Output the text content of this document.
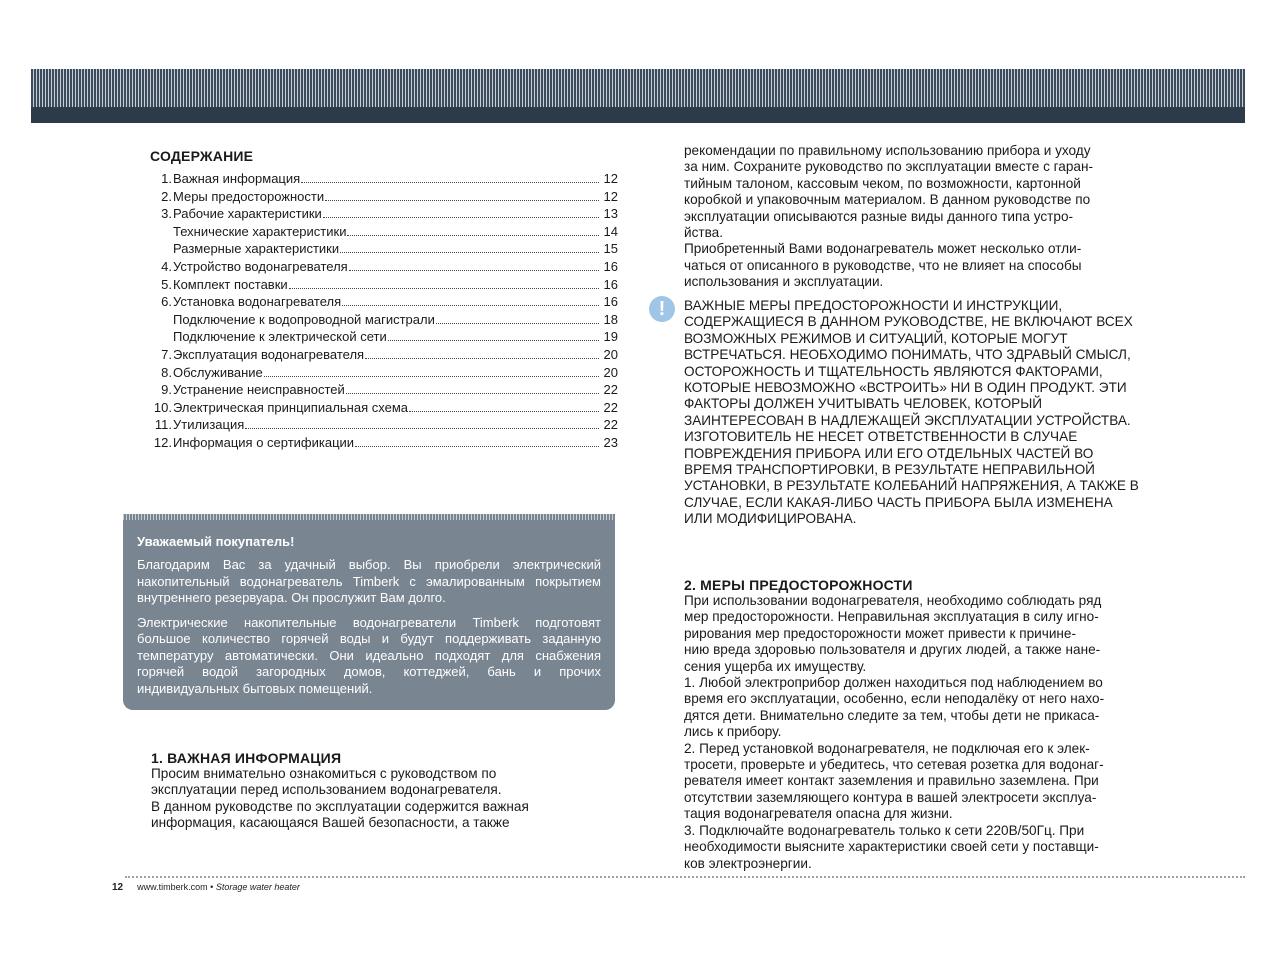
СОДЕРЖАНИЕ
1. Важная информация	12
2. Меры предосторожности	12
3. Рабочие характеристики	13
Технические характеристики	14
Размерные характеристики	15
4. Устройство водонагревателя	16
5. Комплект поставки	16
6. Установка водонагревателя	16
Подключение к водопроводной магистрали	18
Подключение к электрической сети	19
7. Эксплуатация водонагревателя	20
8. Обслуживание	20
9. Устранение неисправностей	22
10. Электрическая принципиальная схема	22
11. Утилизация	22
12. Информация о сертификации	23
Уважаемый покупатель!

Благодарим Вас за удачный выбор. Вы приобрели электрический накопительный водонагреватель Timberk с эмалированным покрытием внутреннего резервуара. Он прослужит Вам долго.

Электрические накопительные водонагреватели Timberk подготовят большое количество горячей воды и будут поддерживать заданную температуру автоматически. Они идеально подходят для снабжения горячей водой загородных домов, коттеджей, бань и прочих индивидуальных бытовых помещений.

1. ВАЖНАЯ ИНФОРМАЦИЯ

Просим внимательно ознакомиться с руководством по

эксплуатации перед использованием водонагревателя.

В данном руководстве по эксплуатации содержится важная

информация, касающаяся Вашей безопасности, а также

рекомендации по правильному использованию прибора и уходу

за ним. Сохраните руководство по эксплуатации вместе с гаран-

тийным талоном, кассовым чеком, по возможности, картонной

коробкой и упаковочным материалом. В данном руководстве по

эксплуатации описываются разные виды данного типа устро-

йства.

Приобретенный Вами водонагреватель может несколько отли-

чаться от описанного в руководстве, что не влияет на способы

использования и эксплуатации.

!	ВАЖНЫЕ МЕРЫ ПРЕДОСТОРОЖНОСТИ И ИНСТРУКЦИИ,
СОДЕРЖАЩИЕСЯ В ДАННОМ РУКОВОДСТВЕ, НЕ ВКЛЮЧАЮТ ВСЕХ
ВОЗМОЖНЫХ РЕЖИМОВ И СИТУАЦИЙ, КОТОРЫЕ МОГУТ
ВСТРЕЧАТЬСЯ. НЕОБХОДИМО ПОНИМАТЬ, ЧТО ЗДРАВЫЙ СМЫСЛ,
ОСТОРОЖНОСТЬ И ТЩАТЕЛЬНОСТЬ ЯВЛЯЮТСЯ ФАКТОРАМИ,
КОТОРЫЕ НЕВОЗМОЖНО «ВСТРОИТЬ» НИ В ОДИН ПРОДУКТ. ЭТИ
ФАКТОРЫ ДОЛЖЕН УЧИТЫВАТЬ ЧЕЛОВЕК, КОТОРЫЙ
ЗАИНТЕРЕСОВАН В НАДЛЕЖАЩЕЙ ЭКСПЛУАТАЦИИ УСТРОЙСТВА.
ИЗГОТОВИТЕЛЬ НЕ НЕСЕТ ОТВЕТСТВЕННОСТИ В СЛУЧАЕ
ПОВРЕЖДЕНИЯ ПРИБОРА ИЛИ ЕГО ОТДЕЛЬНЫХ ЧАСТЕЙ ВО
ВРЕМЯ ТРАНСПОРТИРОВКИ, В РЕЗУЛЬТАТЕ НЕПРАВИЛЬНОЙ
УСТАНОВКИ, В РЕЗУЛЬТАТЕ КОЛЕБАНИЙ НАПРЯЖЕНИЯ, А ТАКЖЕ В
СЛУЧАЕ, ЕСЛИ КАКАЯ-ЛИБО ЧАСТЬ ПРИБОРА БЫЛА ИЗМЕНЕНА
ИЛИ МОДИФИЦИРОВАНА.
2. МЕРЫ ПРЕДОСТОРОЖНОСТИ

При использовании водонагревателя, необходимо соблюдать ряд

мер предосторожности. Неправильная эксплуатация в силу игно-

рирования мер предосторожности может привести к причине-

нию вреда здоровью пользователя и других людей, а также нане-

сения ущерба их имуществу.

1. Любой электроприбор должен находиться под наблюдением во

время его эксплуатации, особенно, если неподалёку от него нахо-

дятся дети. Внимательно следите за тем, чтобы дети не прикаса-

лись к прибору.

2. Перед установкой водонагревателя, не подключая его к элек-

тросети, проверьте и убедитесь, что сетевая розетка для водонаг-

ревателя имеет контакт заземления и правильно заземлена. При

отсутствии заземляющего контура в вашей электросети эксплуа-

тация водонагревателя опасна для жизни.

3. Подключайте водонагреватель только к сети 220В/50Гц. При

необходимости выясните характеристики своей сети у поставщи-

ков электроэнергии.

12 www.timberk.com • Storage water heater
